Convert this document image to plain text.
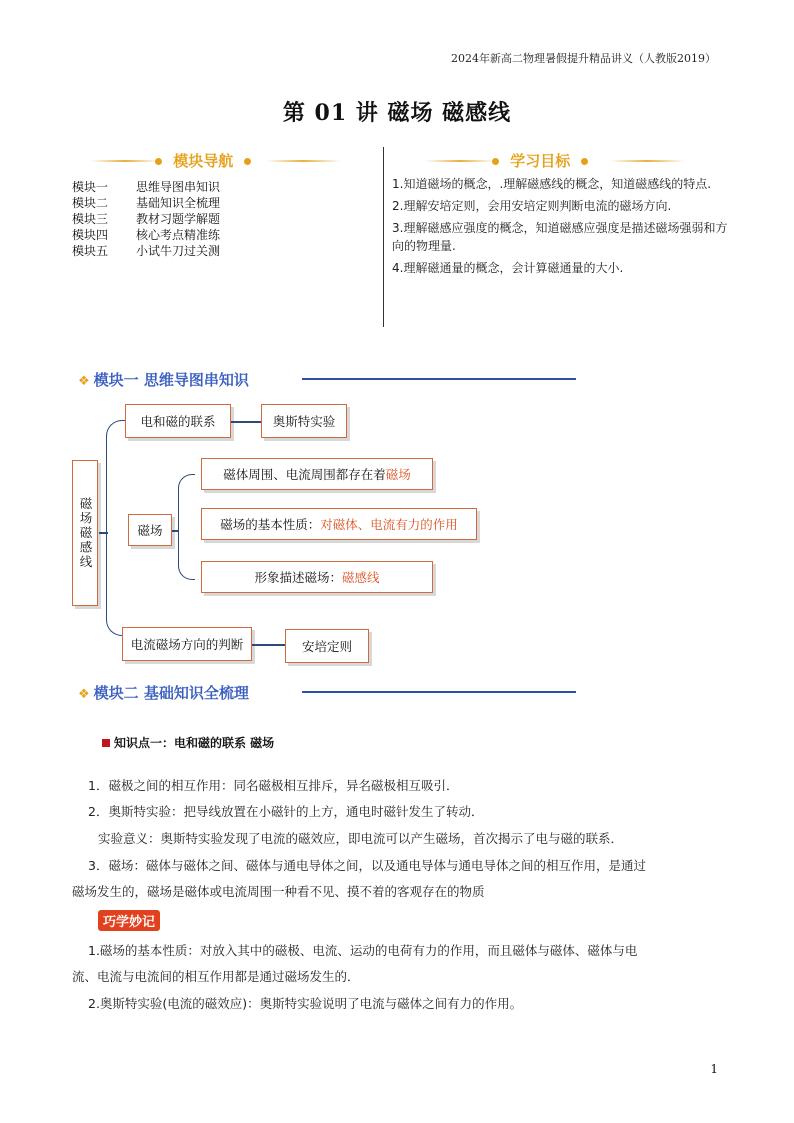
2024年新高二物理暑假提升精品讲义（人教版2019）
第 01 讲 磁场 磁感线
模块导航
模块一	思维导图串知识
模块二	基础知识全梳理
模块三	教材习题学解题
模块四	核心考点精准练
模块五	小试牛刀过关测
学习目标

1.知道磁场的概念，.理解磁感线的概念，知道磁感线的特点.

2.理解安培定则，会用安培定则判断电流的磁场方向.

3.理解磁感应强度的概念，知道磁感应强度是描述磁场强弱和方向的物理量.

4.理解磁通量的概念，会计算磁通量的大小.

❖ 模块一 思维导图串知识
磁场磁感线
电和磁的联系	奥斯特实验
磁场
磁体周围、电流周围都存在着 磁场
磁场的基本性质： 对磁体、电流有力的作用
形象描述磁场： 磁感线
电流磁场方向的判断	安培定则
❖ 模块二 基础知识全梳理
知识点一：电和磁的联系 磁场
1．磁极之间的相互作用：同名磁极相互排斥，异名磁极相互吸引．
2．奥斯特实验：把导线放置在小磁针的上方，通电时磁针发生了转动．
实验意义：奥斯特实验发现了电流的磁效应，即电流可以产生磁场，首次揭示了电与磁的联系．
3．磁场：磁体与磁体之间、磁体与通电导体之间，以及通电导体与通电导体之间的相互作用，是通过
磁场发生的，磁场是磁体或电流周围一种看不见、摸不着的客观存在的物质
巧学妙记
1.磁场的基本性质：对放入其中的磁极、电流、运动的电荷有力的作用，而且磁体与磁体、磁体与电
流、电流与电流间的相互作用都是通过磁场发生的．
2.奥斯特实验(电流的磁效应)：奥斯特实验说明了电流与磁体之间有力的作用。
1
